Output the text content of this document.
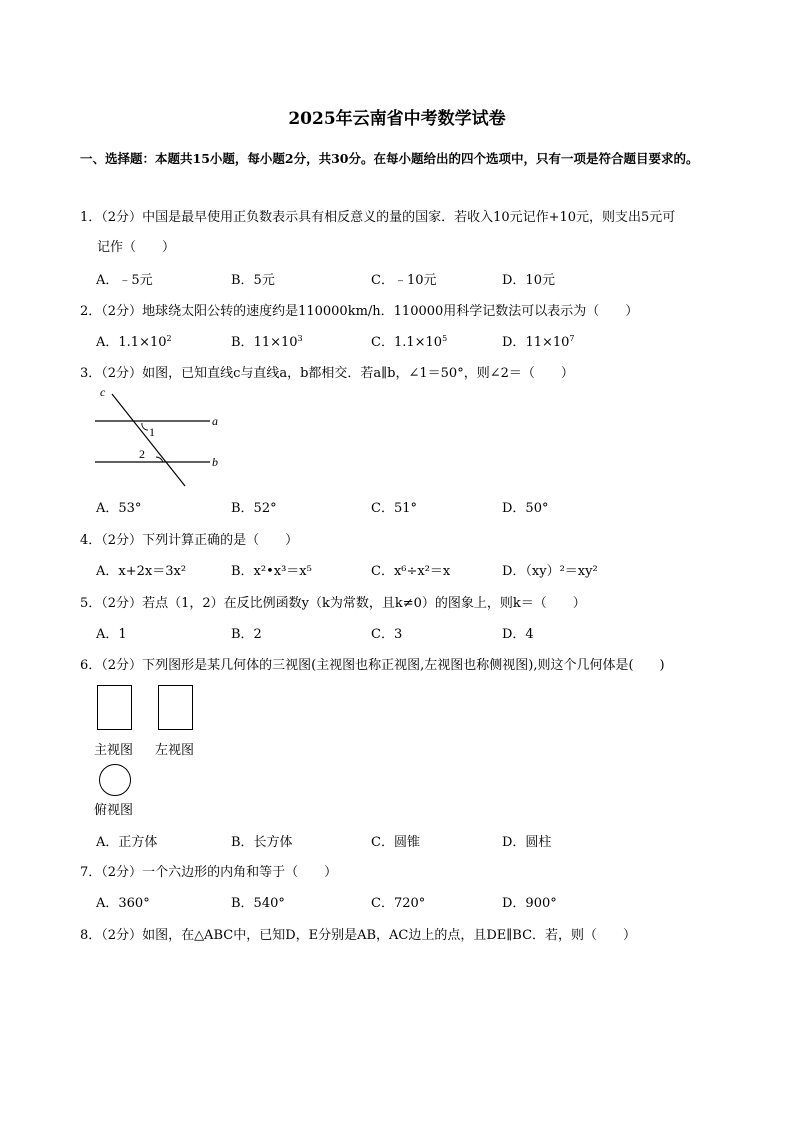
2025年云南省中考数学试卷
一、选择题：本题共15小题，每小题2分，共30分。在每小题给出的四个选项中，只有一项是符合题目要求的。
1．（2分）中国是最早使用正负数表示具有相反意义的量的国家．若收入10元记作+10元，则支出5元可
记作（　　）
A．﹣5元	B．5元	C．﹣10元	D．10元
2．（2分）地球绕太阳公转的速度约是110000km/h．110000用科学记数法可以表示为（　　）
A．$1.1\times 10^2$	B．$11\times 10^3$	C．$1.1\times 10^5$	D．$11\times 10^7$
3．（2分）如图，已知直线c与直线a，b都相交．若a∥b，∠1＝50°，则∠2＝（　　）
c
a
b
1
2
A．53°	B．52°	C．51°	D．50°
4．（2分）下列计算正确的是（　　）
A．x+2x＝3x²	B．x²•x³＝x⁵	C．x⁶÷x²＝x	D．（xy）²＝xy²
5．（2分）若点（1，2）在反比例函数y（k为常数，且k≠0）的图象上，则k＝（　　）
A．1	B．2	C．3	D．4
6．（2分）下列图形是某几何体的三视图(主视图也称正视图,左视图也称侧视图),则这个几何体是(　　)
主视图 左视图
俯视图
A．正方体	B．长方体	C．圆锥	D．圆柱
7．（2分）一个六边形的内角和等于（　　）
A．360°	B．540°	C．720°	D．900°
8．（2分）如图，在△ABC中，已知D，E分别是AB，AC边上的点，且DE∥BC．若，则（　　）
